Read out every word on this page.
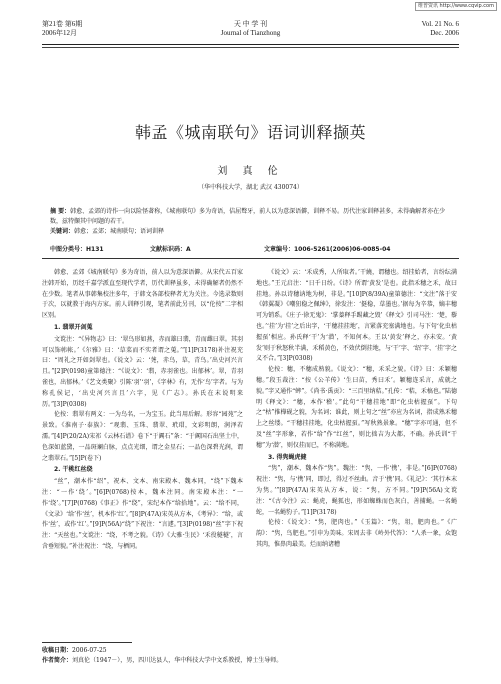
维普资讯 http://www.cqvip.com
第21卷 第6期
2006年12月
天 中 学 刊
Journal of Tianzhong
Vol. 21 No. 6
Dec. 2006
韩孟《城南联句》语词训释撷英
刘 真 伦
（华中科技大学，湖北 武汉 430074）
摘 要：韩愈、孟郊的诗作一向以险怪著称，《城南联句》多为奇语，佶屈聱牙，前人以为意深语僻，训释不易。历代注家训释甚多，未得确解者亦在少数，兹特撷其中问题的若干。
关键词：韩愈；孟郊；城南联句；语词训释
中图分类号：H131	文献标识码：A	文章编号：1006-5261(2006)06-0085-04

韩愈、孟郊《城南联句》多为奇语，前人以为意深语僻。从宋代五百家注韩开始，历经千嘉学派直至现代学者，历代训释虽多，未得确解者仍然不在少数。笔者从事韩集校注多年，于韩文各部校释者尤为关注。今选录数则于次，以就教于海内方家。前人训释引观，笔者前此另刊，以“伦按”二字相区别。

1. 翡翠开剑蒐

文谠注：“《异物志》曰：‘翠鸟形如燕，赤而雄曰翡，青而雌曰翠。其羽可以饰帏帐。’《尔雅》曰：‘草菜而不实者谓之蒐。’”[1]P(3178)补注祝充曰：“周礼之开如剑翠也。《说文》云：‘荛，赤鸟，草，青鸟。’出史河兴言且。”[2]P(0198)童第德注：“《说文》：‘翡，赤羽雀也。出郁林’。翠，青羽雀也，出郁林。’《艺文类聚》引陈‘羽’‘羽’，《字林》有，无作‘鸟’字者。与为称孔侯记，‘出史河兴言且’六字，见《广志》。孙氏在末说明来历。”[3]P(0308)

伦按：翡翠有两义：一为鸟名，一为宝玉。此当用后解。形容“园苑”之景致。《淮南子·泰族》：“观翡、玉珠、翡翠、玳瑁，文彩明朗，润泽若濡。”[4]P(20/2A)宋祁《云林石谱》卷下“于阗石”条：“于阗国石出坚土中，色深如蓝黛，一品斑斓白脉，点点光细，谓之金星石；一品色深碧光润，谓之翡翠石。”[5]P(卷下)

2. 干桃红丝绕

“丝”，潮本作“绍”，祝本、文本、南宋殿本、魏本同，“绕”下魏本注：“一作‘绕’。”[6]P(0768)按本，魏本注同。南宋殿本注：“一作‘绕’。”[7]P(0768)《事正》作“绕”，宋纪本作“给拾地”。云：“给不同，《文录》‘给’作‘丝’，机本作‘红’。”[8]P(47A)宋英从方本，《考异》：“给，或作‘丝’，或作‘红’。”[9]P(56A)“绕”下祝注：“言遽。”[3]P(0198)“丝”字下祝注：“天丝也。”文谠注：“绕，不考之貌。《诗》《大雅·生民》‘禾役穟穟’，言含垂短貌。”补注祝注：“绕，与栖同。

《说文》云：‘禾成秀，人所取者。’干繞，谓穗也。绍挂始者，言纷纭满地也。”王元启注：“日千日纷。《诗》所谓‘黄发’是也。此指禾穗之禾，故曰挂地。孙以诗穗讷地为树，非是。”[10]P(8/39A)童第德注：“文注”落于安《韩翼凝》《嘲狃稳之佩绅》，徐发注：‘挺稳，草墨也。’据每为辛恭，嫡丰穗可为销系。《庄子·徐无鬼》：‘掌蓁释手踢藏之毁’《释文》引司马注：‘楚，藜也。’‘挂’为‘挂’之后出字，‘干穗挂挂地’，言紧落充塞满地也。与下句‘化虫枯握虿’相应。孙氏释‘干’为‘潜’，不知何本。王以‘黄发’释之，亦未安。‘黄发’则于秋怒秋半满，禾稻黄色，不效伏倒挂地，与‘干’字、‘绍’字、‘挂’字之义不合。”[3]P(0308)

伦按：穗，不穗成熟貌。《说文》：“穗，禾采之貌。《诗》曰：禾颖穗穗。”段玉裁注：“按《公羊传》‘生曰苗，秀曰禾’。颖穗连采言，成就之貌。”字又通作“蟀”。《尚书·禹贡》：“三百里纳秸。”孔传：“秸，禾槁也。”陆德明《释文》：“穗，本作‘稽’。”此句“干穗挂地”即“化虫枯握虿”。下句之“枯”推樺砚之貌，为名词；谁此，则上句之“丝”亦应为名词，指成熟禾穗上之丝缕。“干穗挂挂地，化虫枯握虿。”写秋熟景象。“穗”字亦可通，但不及“丝”字形象，若作“给”作“红丝”，则比拙吉为大都，不确。孙氏训“干穗”为‘潜’，则仅挂而已，不称满地。

3. 得隽蝇虎健

“隽”，潮本、魏本作“隽”。魏注：“隽，一作‘携’，非是。”[6]P(0768)祝注：“隽，与‘携’同，即过，得过不丝曲。音于‘携’同。《礼记》：‘其行本末为隽。’”[8]P(47A)宋英从方本，说：“隽，方不同。”[9]P(56A)文谠注：“《古今注》云：蝇虎，蝇狐也，形如蜘蛛而色灰白，善捕蝇。一名蝇蛇，一名蝇豹子。”[1]P(3178)

伦按：《说文》：“隽，肥肉也。”《玉篇》：“隽，俎，肥肉也。”《广韵》：“隽，鸟肥也。”引申为美味。宋周去非《岭外代答》：“人杀一象，众饱其肉，惟鼻肉最美。烂而纳诸糟

收稿日期：2006-07-25
作者简介：刘真伦（1947－），男，四川达县人，华中科技大学中文系教授，博士生导师。
